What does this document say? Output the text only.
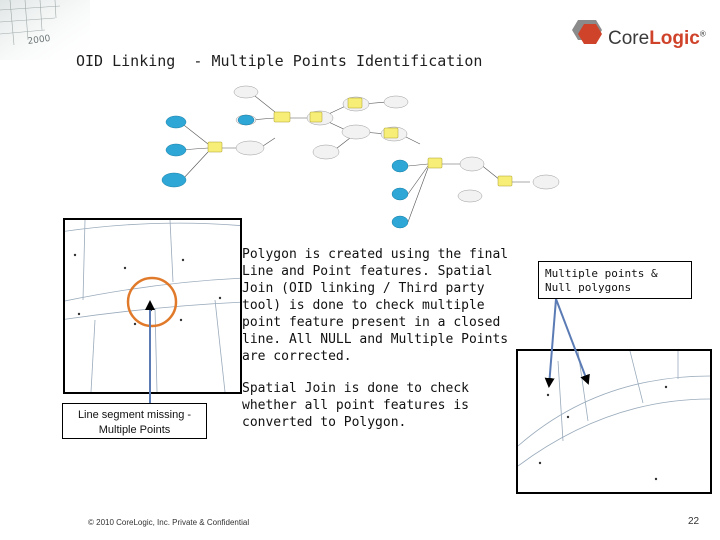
2000
OID Linking  - Multiple Points Identification
CoreLogic®
Line segment missing - Multiple Points
Multiple points & Null polygons
Polygon is created using the final Line and Point features. Spatial Join (OID linking / Third party tool) is done to check multiple point feature present in a closed line. All NULL and Multiple Points are corrected.
Spatial Join is done to check whether all point features is converted to Polygon.
© 2010 CoreLogic, Inc. Private & Confidential	22
